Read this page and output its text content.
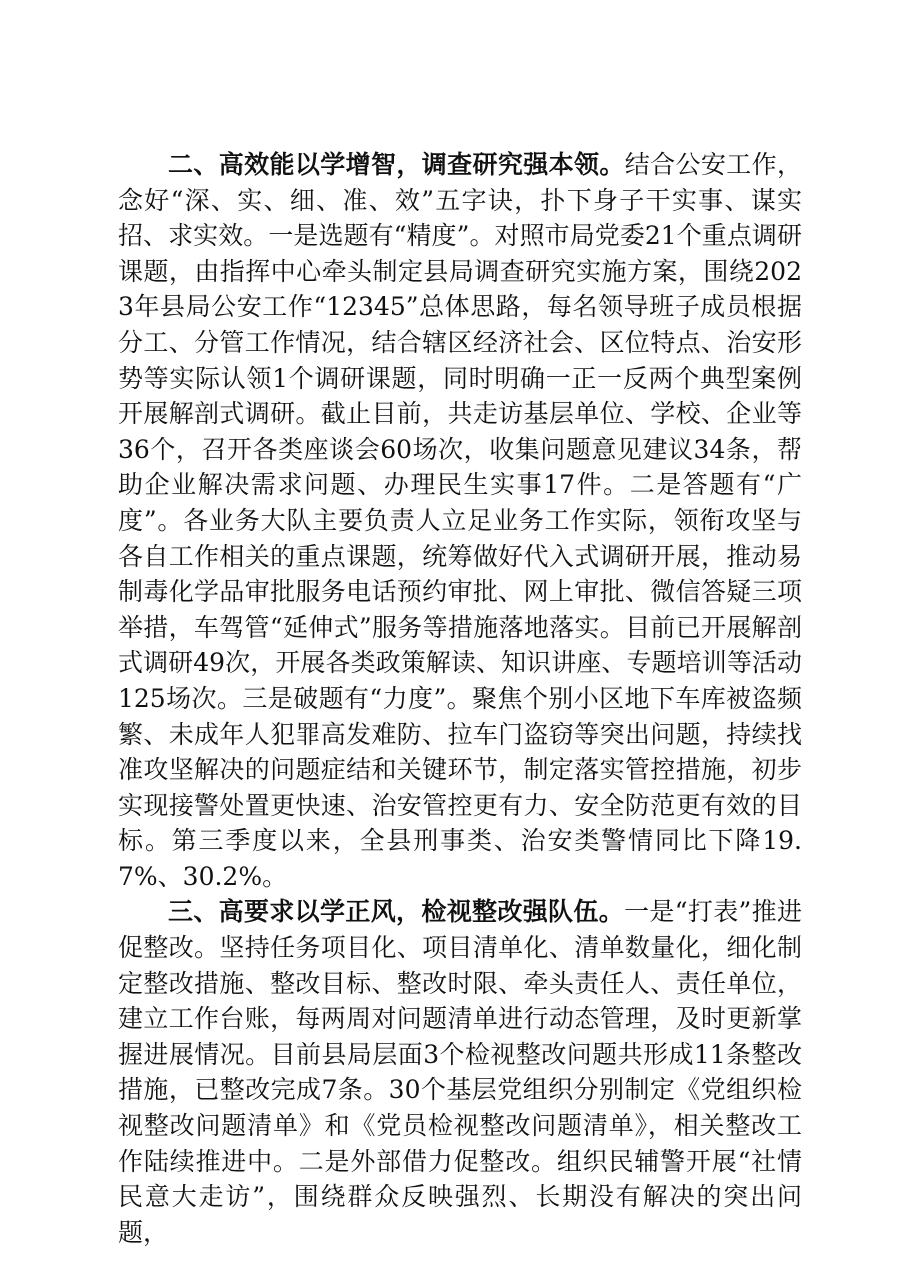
二、高效能以学增智，调查研究强本领。结合公安工作，念好“深、实、细、准、效”五字诀，扑下身子干实事、谋实招、求实效。一是选题有“精度”。对照市局党委21个重点调研课题，由指挥中心牵头制定县局调查研究实施方案，围绕2023年县局公安工作“12345”总体思路，每名领导班子成员根据分工、分管工作情况，结合辖区经济社会、区位特点、治安形势等实际认领1个调研课题，同时明确一正一反两个典型案例开展解剖式调研。截止目前，共走访基层单位、学校、企业等36个，召开各类座谈会60场次，收集问题意见建议34条，帮助企业解决需求问题、办理民生实事17件。二是答题有“广度”。各业务大队主要负责人立足业务工作实际，领衔攻坚与各自工作相关的重点课题，统筹做好代入式调研开展，推动易制毒化学品审批服务电话预约审批、网上审批、微信答疑三项举措，车驾管“延伸式”服务等措施落地落实。目前已开展解剖式调研49次，开展各类政策解读、知识讲座、专题培训等活动125场次。三是破题有“力度”。聚焦个别小区地下车库被盗频繁、未成年人犯罪高发难防、拉车门盗窃等突出问题，持续找准攻坚解决的问题症结和关键环节，制定落实管控措施，初步实现接警处置更快速、治安管控更有力、安全防范更有效的目标。第三季度以来，全县刑事类、治安类警情同比下降19.7%、30.2%。

三、高要求以学正风，检视整改强队伍。一是“打表”推进促整改。坚持任务项目化、项目清单化、清单数量化，细化制定整改措施、整改目标、整改时限、牵头责任人、责任单位，建立工作台账，每两周对问题清单进行动态管理，及时更新掌握进展情况。目前县局层面3个检视整改问题共形成11条整改措施，已整改完成7条。30个基层党组织分别制定《党组织检视整改问题清单》和《党员检视整改问题清单》，相关整改工作陆续推进中。二是外部借力促整改。组织民辅警开展“社情民意大走访”，围绕群众反映强烈、长期没有解决的突出问题，
